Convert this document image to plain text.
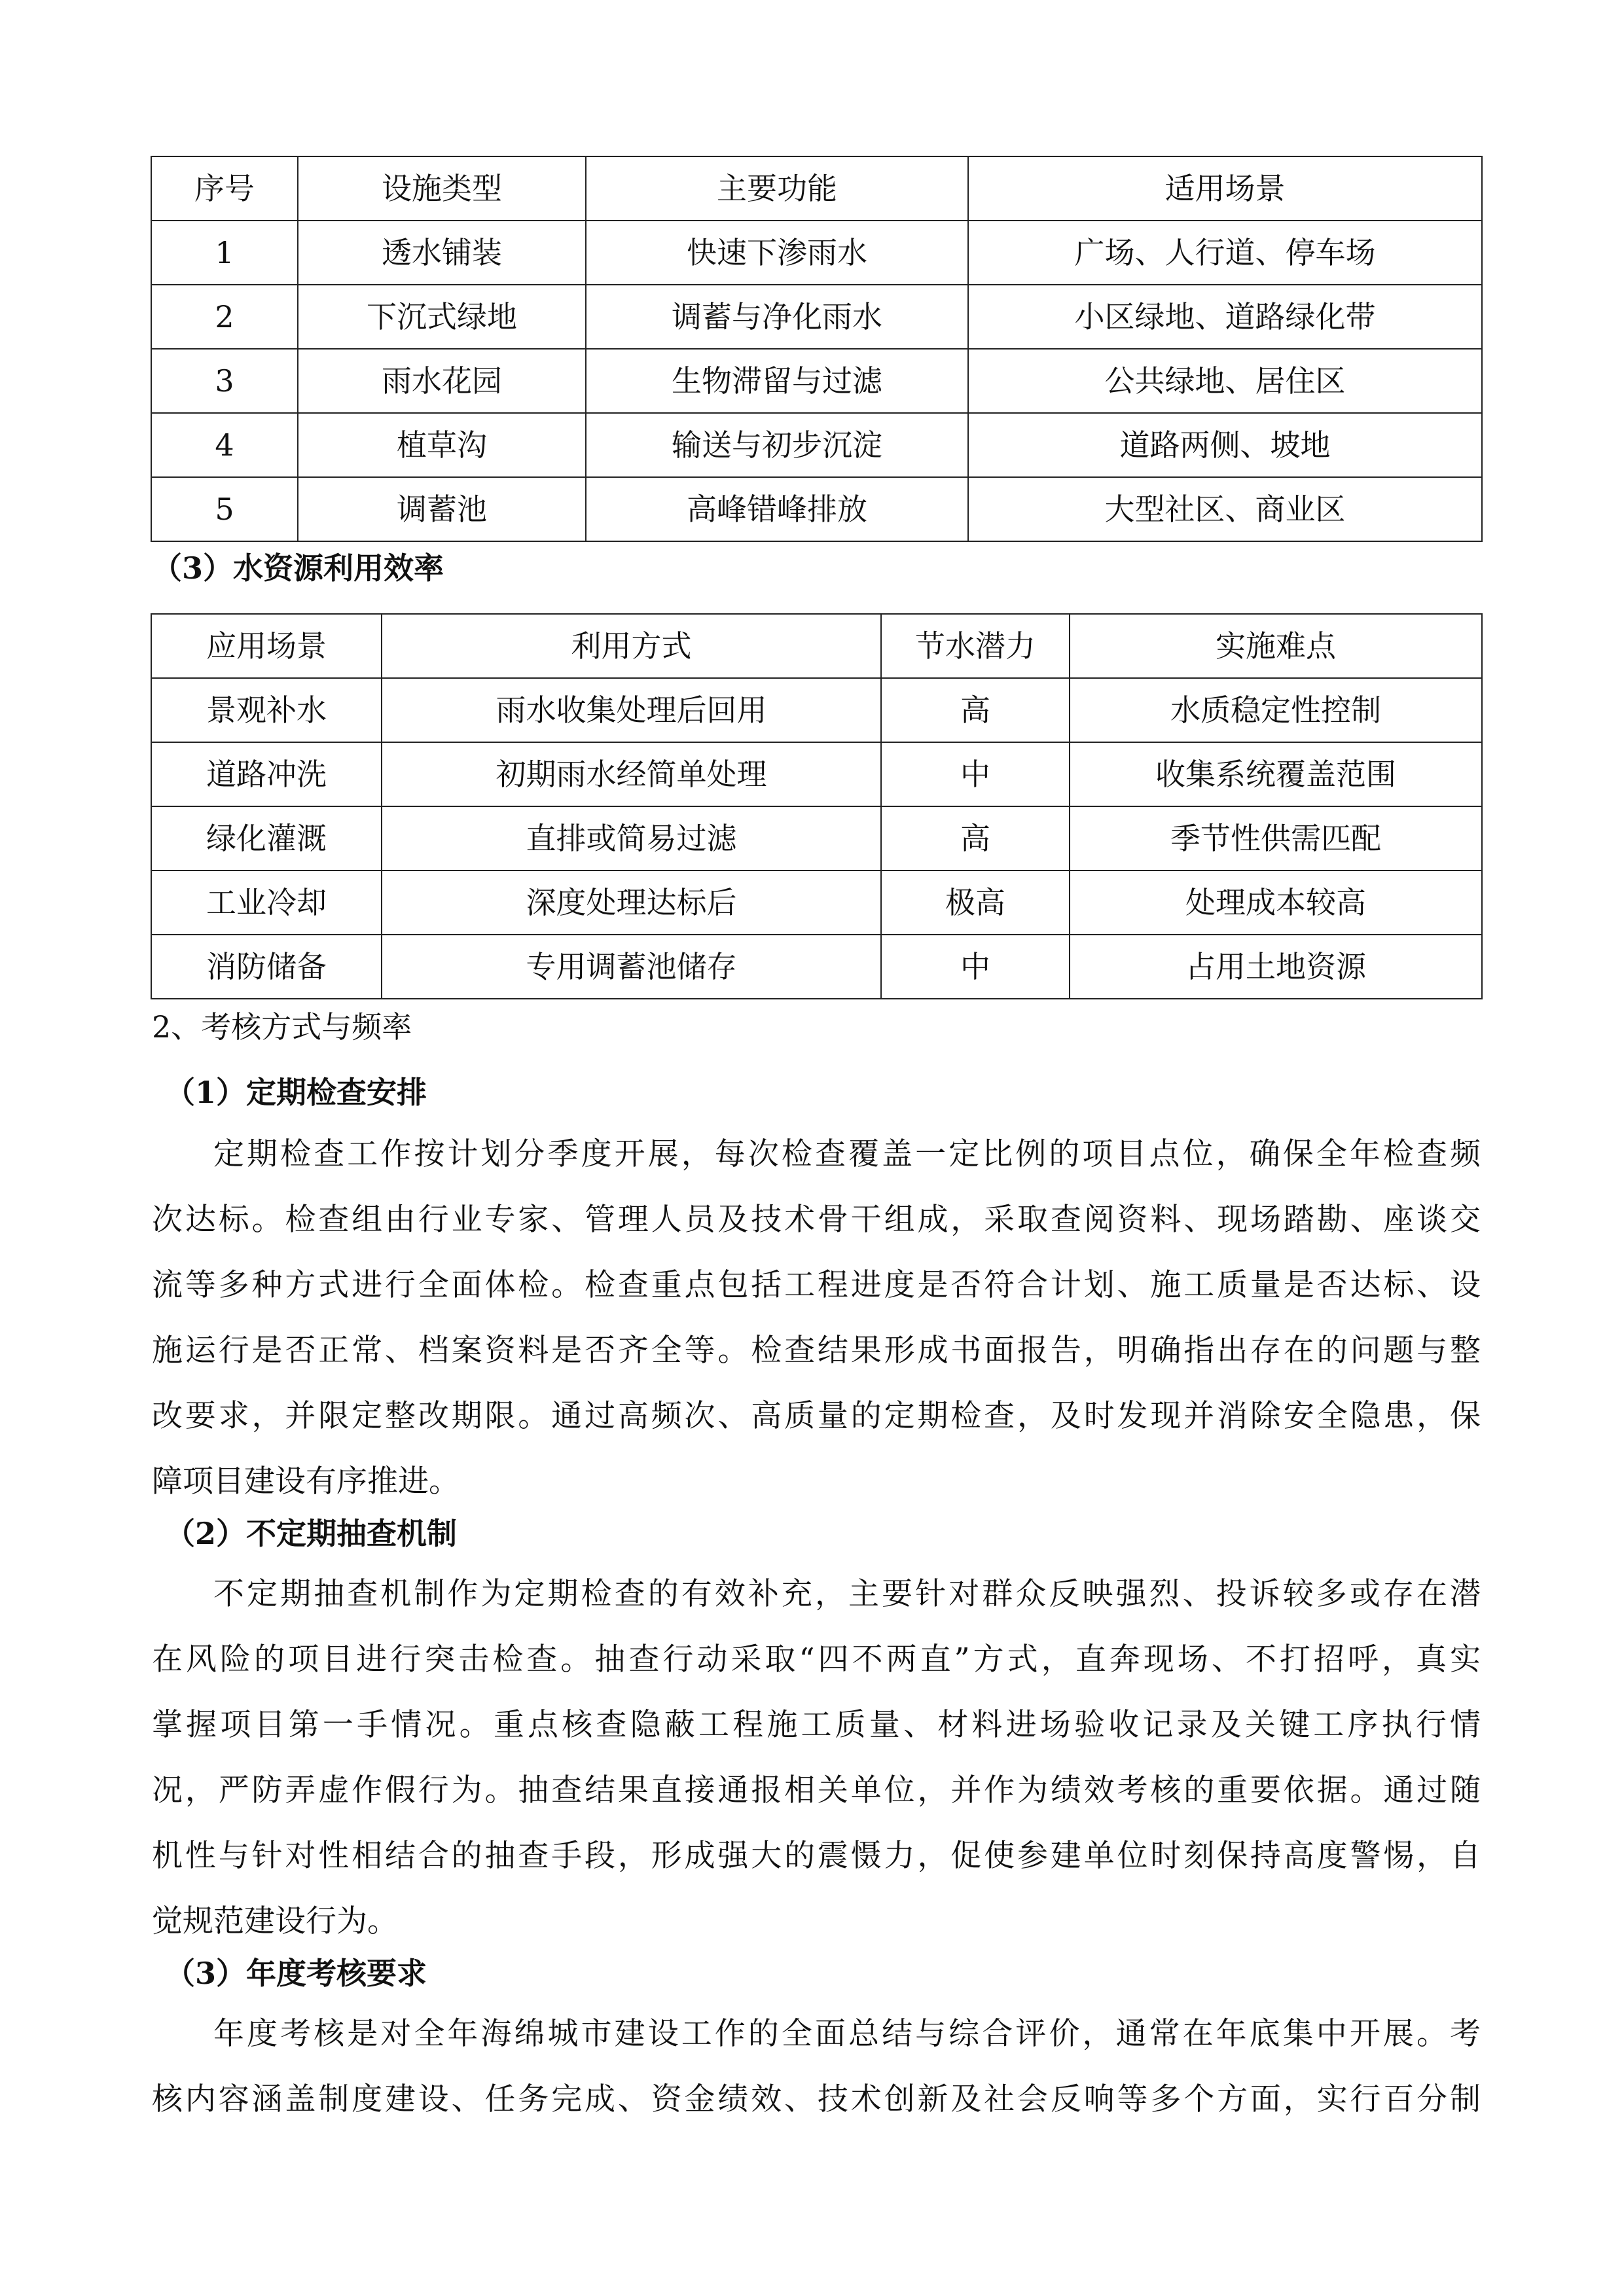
序号	设施类型	主要功能	适用场景
1	透水铺装	快速下渗雨水	广场、人行道、停车场
2	下沉式绿地	调蓄与净化雨水	小区绿地、道路绿化带
3	雨水花园	生物滞留与过滤	公共绿地、居住区
4	植草沟	输送与初步沉淀	道路两侧、坡地
5	调蓄池	高峰错峰排放	大型社区、商业区
（3）水资源利用效率
应用场景	利用方式	节水潜力	实施难点
景观补水	雨水收集处理后回用	高	水质稳定性控制
道路冲洗	初期雨水经简单处理	中	收集系统覆盖范围
绿化灌溉	直排或简易过滤	高	季节性供需匹配
工业冷却	深度处理达标后	极高	处理成本较高
消防储备	专用调蓄池储存	中	占用土地资源
2、考核方式与频率
（1）定期检查安排
定期检查工作按计划分季度开展，每次检查覆盖一定比例的项目点位，确保全年检查频
次达标。检查组由行业专家、管理人员及技术骨干组成，采取查阅资料、现场踏勘、座谈交
流等多种方式进行全面体检。检查重点包括工程进度是否符合计划、施工质量是否达标、设
施运行是否正常、档案资料是否齐全等。检查结果形成书面报告，明确指出存在的问题与整
改要求，并限定整改期限。通过高频次、高质量的定期检查，及时发现并消除安全隐患，保
障项目建设有序推进。
（2）不定期抽查机制
不定期抽查机制作为定期检查的有效补充，主要针对群众反映强烈、投诉较多或存在潜
在风险的项目进行突击检查。抽查行动采取“四不两直”方式，直奔现场、不打招呼，真实
掌握项目第一手情况。重点核查隐蔽工程施工质量、材料进场验收记录及关键工序执行情
况，严防弄虚作假行为。抽查结果直接通报相关单位，并作为绩效考核的重要依据。通过随
机性与针对性相结合的抽查手段，形成强大的震慑力，促使参建单位时刻保持高度警惕，自
觉规范建设行为。
（3）年度考核要求
年度考核是对全年海绵城市建设工作的全面总结与综合评价，通常在年底集中开展。考
核内容涵盖制度建设、任务完成、资金绩效、技术创新及社会反响等多个方面，实行百分制
